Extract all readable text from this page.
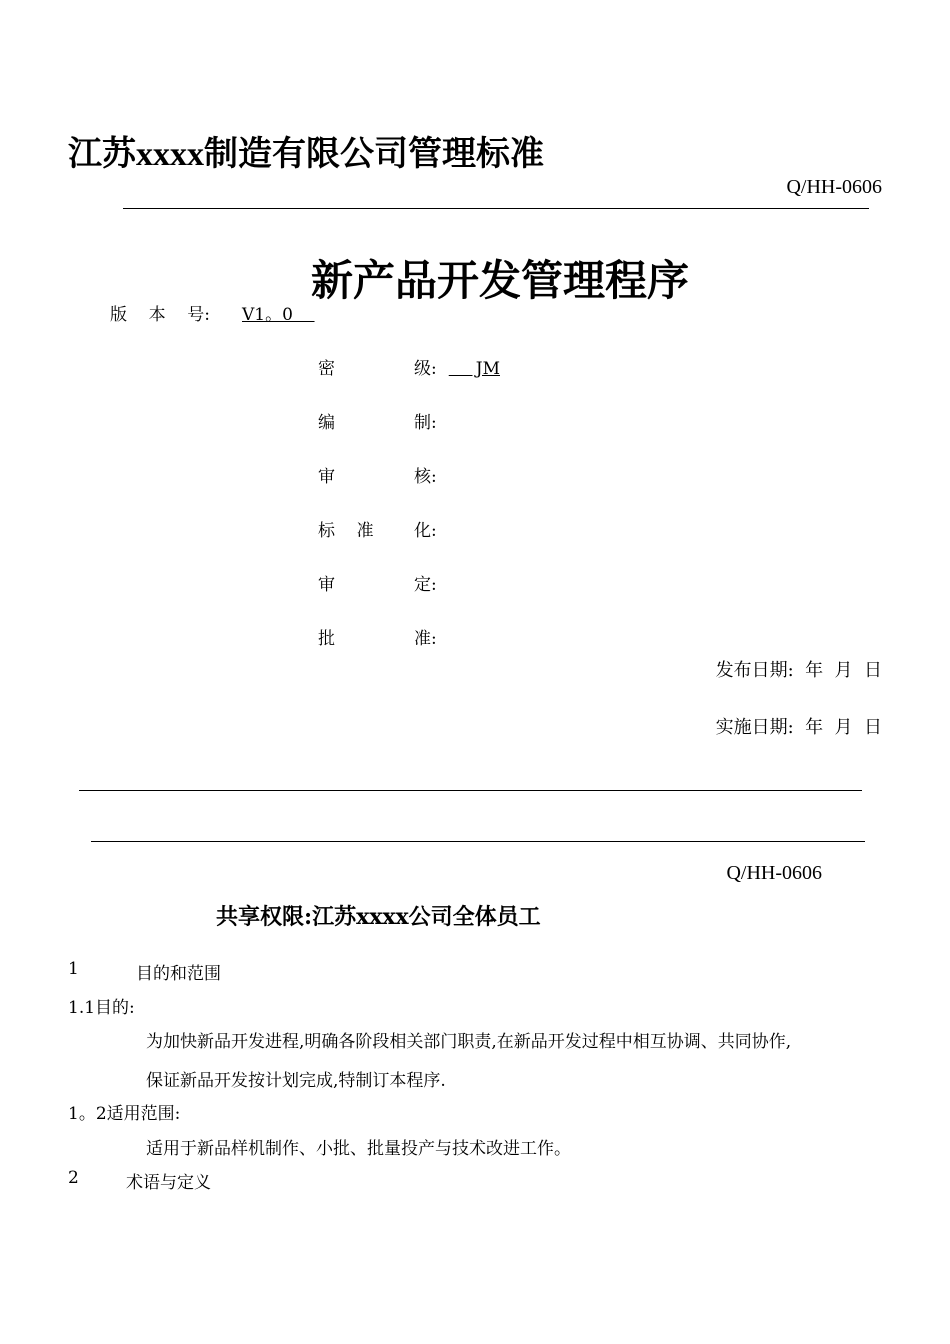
江苏xxxx制造有限公司管理标准
Q/HH-0606
新产品开发管理程序
版    本    号: V1。0
密	级:     JM
编	制:
审	核:
标    准 化:
审	定:
批	准:
发布日期:  年  月  日
实施日期:  年  月  日
Q/HH-0606
共享权限:江苏xxxx公司全体员工
1	目的和范围
1.1目的:
为加快新品开发进程,明确各阶段相关部门职责,在新品开发过程中相互协调、共同协作,
保证新品开发按计划完成,特制订本程序.
1。2适用范围:
适用于新品样机制作、小批、批量投产与技术改进工作。
2	术语与定义
